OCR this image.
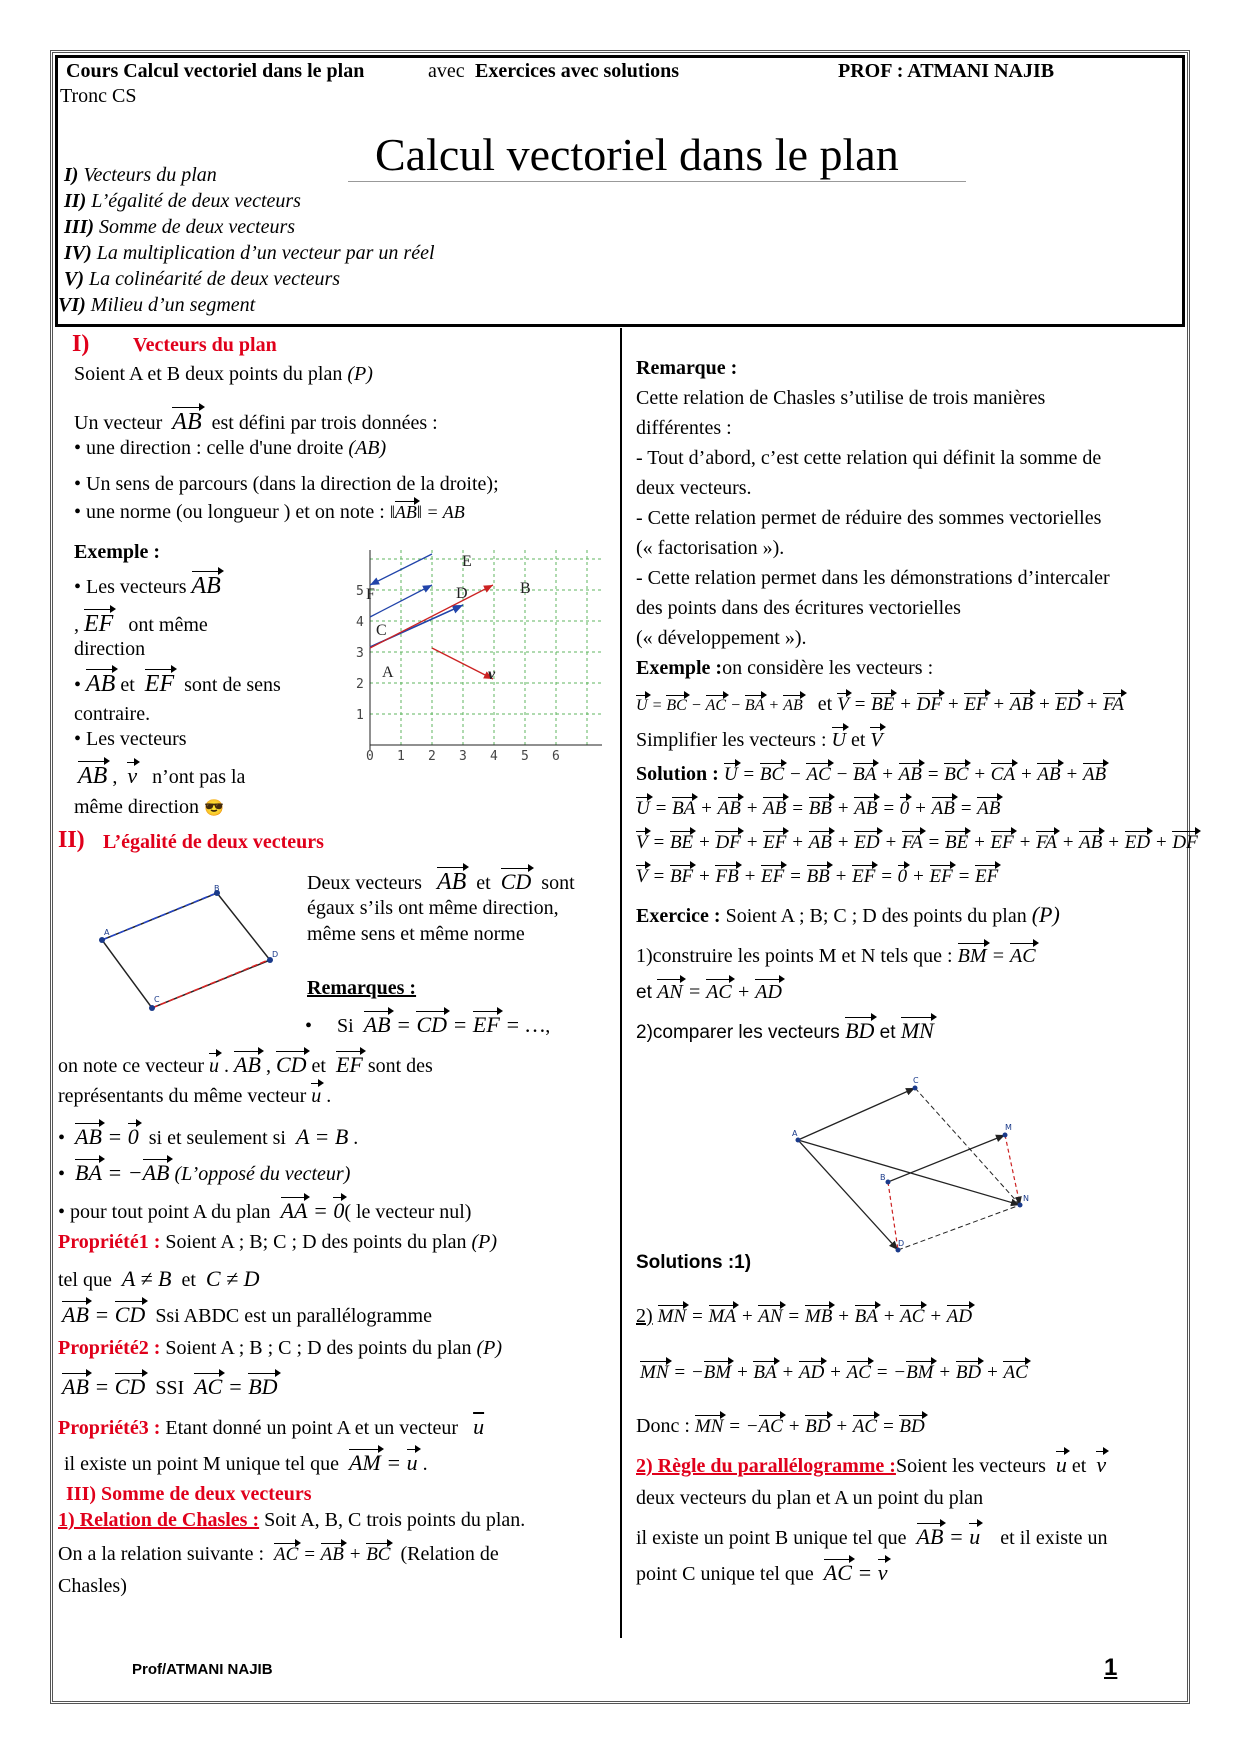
Cours Calcul vectoriel dans le plan	avec Exercices avec solutions	PROF : ATMANI NAJIB
Tronc CS
Calcul vectoriel dans le plan
I) Vecteurs du plan
II) L’égalité de deux vecteurs
III) Somme de deux vecteurs
IV) La multiplication d’un vecteur par un réel
V) La colinéarité de deux vecteurs
VI) Milieu d’un segment
I) Vecteurs du plan
Soient A et B deux points du plan (P)
Un vecteur AB est défini par trois données :
• une direction : celle d'une droite (AB)
• Un sens de parcours (dans la direction de la droite);
• une norme (ou longueur ) et on note : ‖AB‖ = AB
Exemple :
• Les vecteurs AB
, EF ont même
direction
• AB et  EF sont de sens
contraire.
• Les vecteurs
AB ,  v n’ont pas la
même direction 😎
0 1 2 3 4 5 6
1
2
3
4
5
E
F	D	B
C
A	v
II) L’égalité de deux vecteurs
A
B
C
D
Deux vecteurs AB  et  CD sont
égaux s’ils ont même direction,
même sens et même norme
Remarques :
•     Si AB = CD = EF = …,
on note ce vecteur u . AB , CD et  EF sont des
représentants du même vecteur u .
•  AB = 0 si et seulement si A = B .
•  BA = −AB (L’opposé du vecteur)
• pour tout point A du plan AA = 0( le vecteur nul)
Propriété1 : Soient A ; B; C ; D des points du plan (P)
tel que A ≠ B  et  C ≠ D
AB = CD Ssi ABDC est un parallélogramme
Propriété2 : Soient A ; B ; C ; D des points du plan (P)
AB = CD SSI AC = BD
Propriété3 : Etant donné un point A et un vecteur $\overline{u}$
il existe un point M unique tel que AM = u .
III) Somme de deux vecteurs
1) Relation de Chasles : Soit A, B, C trois points du plan.
On a la relation suivante : AC = AB + BC (Relation de
Chasles)
Remarque :
Cette relation de Chasles s’utilise de trois manières
différentes :
- Tout d’abord, c’est cette relation qui définit la somme de
deux vecteurs.
- Cette relation permet de réduire des sommes vectorielles
(« factorisation »).
- Cette relation permet dans les démonstrations d’intercaler
des points dans des écritures vectorielles
(« développement »).
Exemple :on considère les vecteurs :
U = BC − AC − BA + AB et V = BE + DF + EF + AB + ED + FA
Simplifier les vecteurs : U et V
Solution : U = BC − AC − BA + AB = BC + CA + AB + AB
U = BA + AB + AB = BB + AB = 0 + AB = AB
V = BE + DF + EF + AB + ED + FA = BE + EF + FA + AB + ED + DF
V = BF + FB + EF = BB + EF = 0 + EF = EF
Exercice : Soient A ; B; C ; D des points du plan (P)
1)construire les points M et N tels que : BM = AC
et AN = AC + AD
2)comparer les vecteurs BD et MN
A
C
B
D
M
N
Solutions :1)
2) MN = MA + AN = MB + BA + AC + AD
MN = −BM + BA + AD + AC = −BM + BD + AC
Donc : MN = −AC + BD + AC = BD
2) Règle du parallélogramme :Soient les vecteurs u et  v
deux vecteurs du plan et A un point du plan
il existe un point B unique tel que AB = u et il existe un
point C unique tel que AC = v
Prof/ATMANI NAJIB	1
